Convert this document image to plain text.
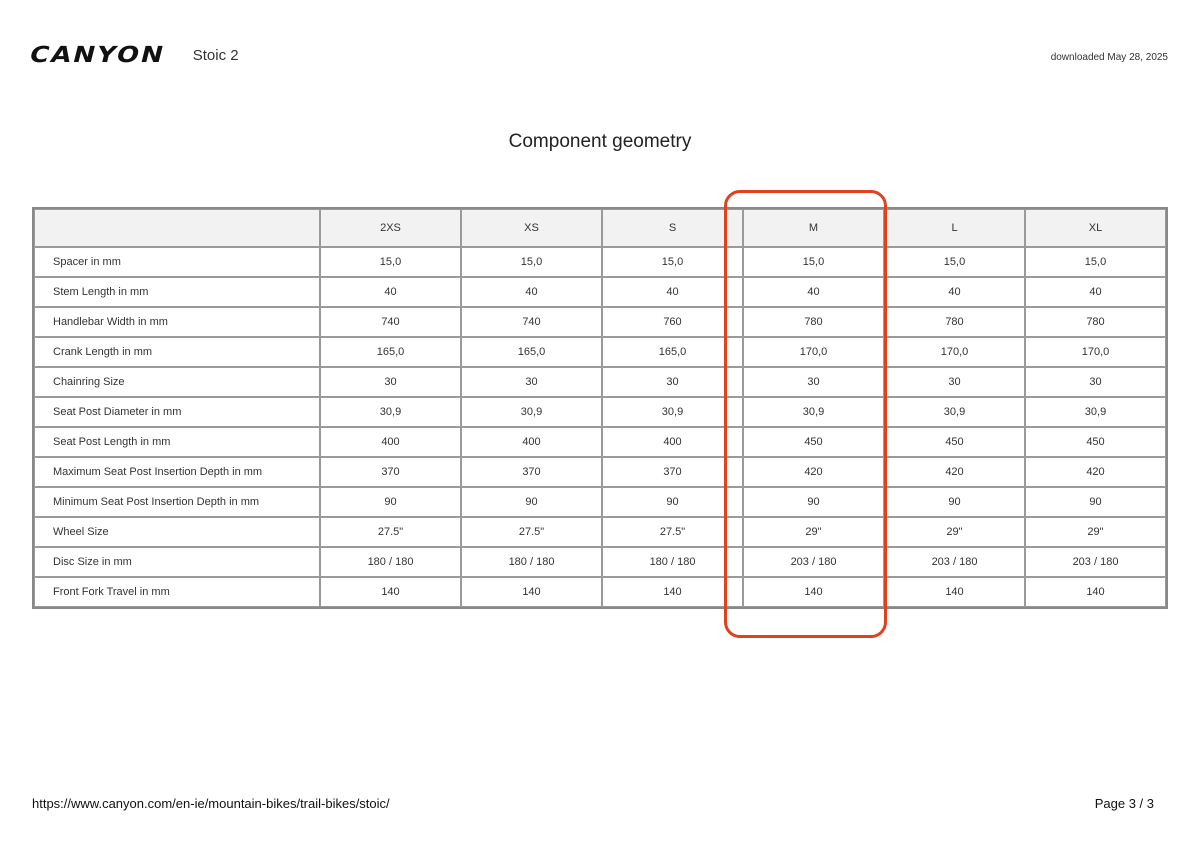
CANYON Stoic 2	downloaded May 28, 2025
Component geometry
	2XS	XS	S	M	L	XL
Spacer in mm	15,0	15,0	15,0	15,0	15,0	15,0
Stem Length in mm	40	40	40	40	40	40
Handlebar Width in mm	740	740	760	780	780	780
Crank Length in mm	165,0	165,0	165,0	170,0	170,0	170,0
Chainring Size	30	30	30	30	30	30
Seat Post Diameter in mm	30,9	30,9	30,9	30,9	30,9	30,9
Seat Post Length in mm	400	400	400	450	450	450
Maximum Seat Post Insertion Depth in mm	370	370	370	420	420	420
Minimum Seat Post Insertion Depth in mm	90	90	90	90	90	90
Wheel Size	27.5"	27.5"	27.5"	29"	29"	29"
Disc Size in mm	180 / 180	180 / 180	180 / 180	203 / 180	203 / 180	203 / 180
Front Fork Travel in mm	140	140	140	140	140	140
https://www.canyon.com/en-ie/mountain-bikes/trail-bikes/stoic/	Page 3 / 3
